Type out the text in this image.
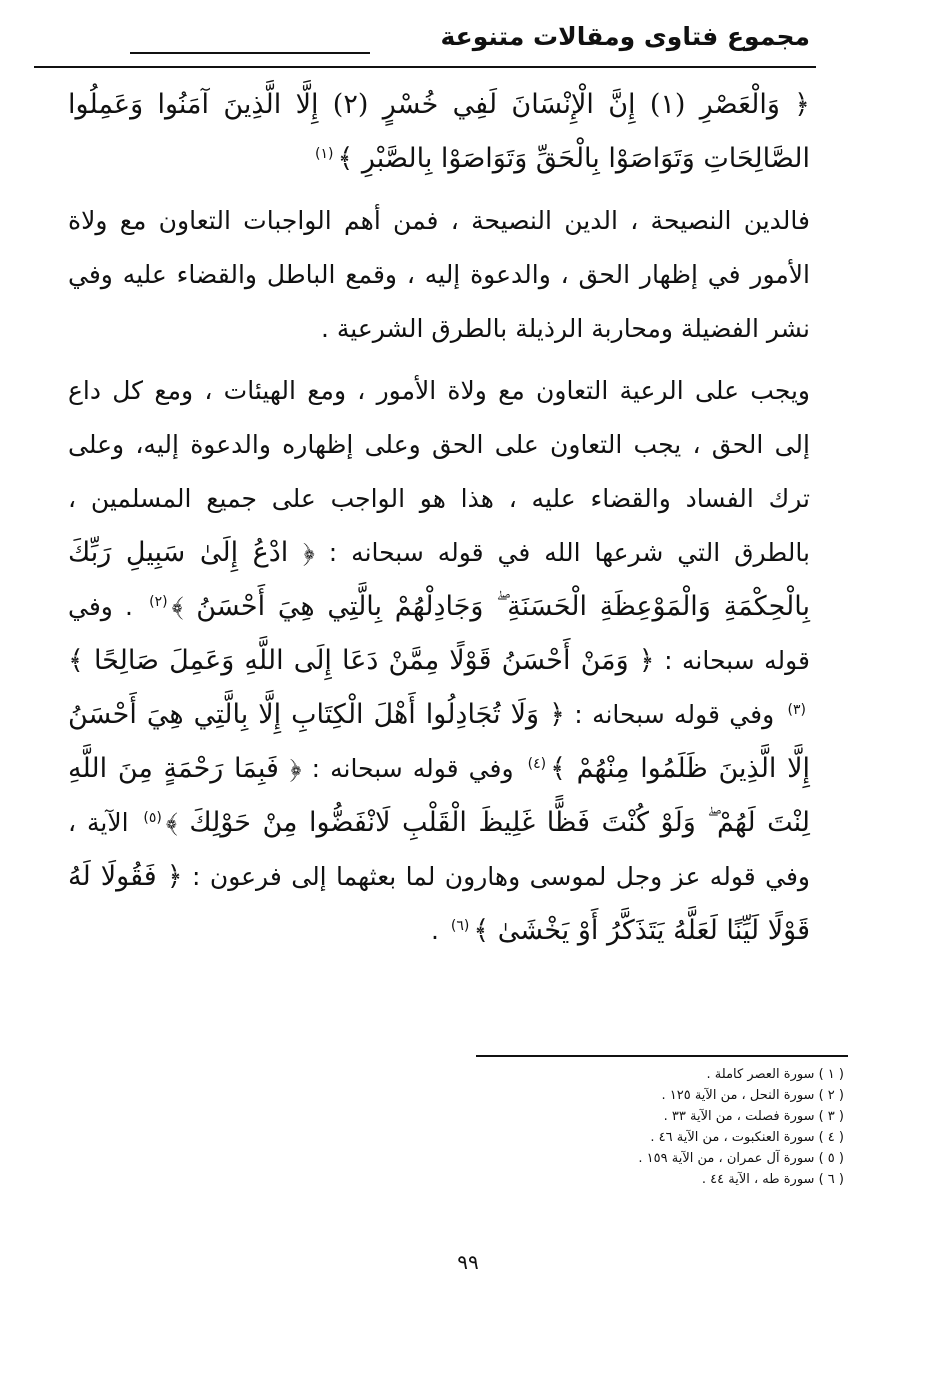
مجموع فتاوى ومقالات متنوعة

﴿ وَالْعَصْرِ (١) إِنَّ الْإِنْسَانَ لَفِي خُسْرٍ (٢) إِلَّا الَّذِينَ آمَنُوا وَعَمِلُوا الصَّالِحَاتِ وَتَوَاصَوْا بِالْحَقِّ وَتَوَاصَوْا بِالصَّبْرِ ﴾$^{(١)}$

فالدين النصيحة ، الدين النصيحة ، فمن أهم الواجبات التعاون مع ولاة الأمور في إظهار الحق ، والدعوة إليه ، وقمع الباطل والقضاء عليه وفي نشر الفضيلة ومحاربة الرذيلة بالطرق الشرعية .

ويجب على الرعية التعاون مع ولاة الأمور ، ومع الهيئات ، ومع كل داع إلى الحق ، يجب التعاون على الحق وعلى إظهاره والدعوة إليه، وعلى ترك الفساد والقضاء عليه ، هذا هو الواجب على جميع المسلمين ، بالطرق التي شرعها الله في قوله سبحانه : ﴿ ادْعُ إِلَىٰ سَبِيلِ رَبِّكَ بِالْحِكْمَةِ وَالْمَوْعِظَةِ الْحَسَنَةِ ۖ وَجَادِلْهُمْ بِالَّتِي هِيَ أَحْسَنُ ﴾$^{(٢)}$ . وفي قوله سبحانه : ﴿ وَمَنْ أَحْسَنُ قَوْلًا مِمَّنْ دَعَا إِلَى اللَّهِ وَعَمِلَ صَالِحًا ﴾$^{(٣)}$ وفي قوله سبحانه : ﴿ وَلَا تُجَادِلُوا أَهْلَ الْكِتَابِ إِلَّا بِالَّتِي هِيَ أَحْسَنُ إِلَّا الَّذِينَ ظَلَمُوا مِنْهُمْ ﴾$^{(٤)}$ وفي قوله سبحانه : ﴿ فَبِمَا رَحْمَةٍ مِنَ اللَّهِ لِنْتَ لَهُمْ ۖ وَلَوْ كُنْتَ فَظًّا غَلِيظَ الْقَلْبِ لَانْفَضُّوا مِنْ حَوْلِكَ ﴾$^{(٥)}$ الآية ، وفي قوله عز وجل لموسى وهارون لما بعثهما إلى فرعون : ﴿ فَقُولَا لَهُ قَوْلًا لَيِّنًا لَعَلَّهُ يَتَذَكَّرُ أَوْ يَخْشَىٰ ﴾$^{(٦)}$ .

( ١ ) سورة العصر كاملة .
( ٢ ) سورة النحل ، من الآية ١٢٥ .
( ٣ ) سورة فصلت ، من الآية ٣٣ .
( ٤ ) سورة العنكبوت ، من الآية ٤٦ .
( ٥ ) سورة آل عمران ، من الآية ١٥٩ .
( ٦ ) سورة طه ، الآية ٤٤ .
٩٩
